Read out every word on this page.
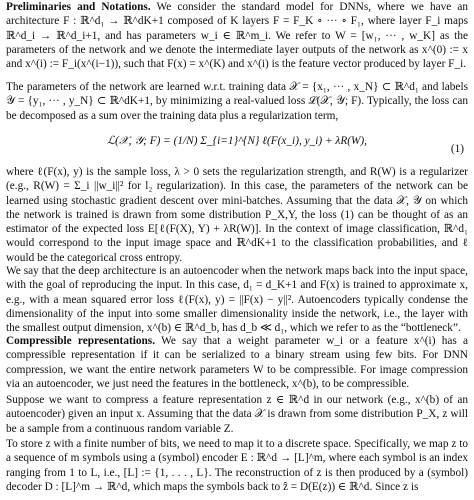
Preliminaries and Notations. We consider the standard model for DNNs, where we have an architecture F : ℝ^d₁ → ℝ^dK+1 composed of K layers F = F_K ∘ ··· ∘ F₁, where layer F_i maps ℝ^d_i → ℝ^d_i+1, and has parameters w_i ∈ ℝ^m_i. We refer to W = [w₁, ··· , w_K] as the parameters of the network and we denote the intermediate layer outputs of the network as x^(0) := x and x^(i) := F_i(x^(i−1)), such that F(x) = x^(K) and x^(i) is the feature vector produced by layer F_i.

The parameters of the network are learned w.r.t. training data 𝒳 = {x₁, ··· , x_N} ⊂ ℝ^d₁ and labels 𝒴 = {y₁, ··· , y_N} ⊂ ℝ^dK+1, by minimizing a real-valued loss ℒ(𝒳, 𝒴; F). Typically, the loss can be decomposed as a sum over the training data plus a regularization term,

ℒ(𝒳, 𝒴; F) = (1/N) Σ_{i=1}^{N} ℓ(F(x_i), y_i) + λR(W),
(1)

where ℓ(F(x), y) is the sample loss, λ > 0 sets the regularization strength, and R(W) is a regularizer (e.g., R(W) = Σ_i ||w_i||² for l₂ regularization). In this case, the parameters of the network can be learned using stochastic gradient descent over mini-batches. Assuming that the data 𝒳, 𝒴 on which the network is trained is drawn from some distribution P_X,Y, the loss (1) can be thought of as an estimator of the expected loss E[ℓ(F(X), Y) + λR(W)]. In the context of image classification, ℝ^d₁ would correspond to the input image space and ℝ^dK+1 to the classification probabilities, and ℓ would be the categorical cross entropy.

We say that the deep architecture is an autoencoder when the network maps back into the input space, with the goal of reproducing the input. In this case, d₁ = d_K+1 and F(x) is trained to approximate x, e.g., with a mean squared error loss ℓ(F(x), y) = ||F(x) − y||². Autoencoders typically condense the dimensionality of the input into some smaller dimensionality inside the network, i.e., the layer with the smallest output dimension, x^(b) ∈ ℝ^d_b, has d_b ≪ d₁, which we refer to as the “bottleneck”.

Compressible representations. We say that a weight parameter w_i or a feature x^(i) has a compressible representation if it can be serialized to a binary stream using few bits. For DNN compression, we want the entire network parameters W to be compressible. For image compression via an autoencoder, we just need the features in the bottleneck, x^(b), to be compressible.

Suppose we want to compress a feature representation z ∈ ℝ^d in our network (e.g., x^(b) of an autoencoder) given an input x. Assuming that the data 𝒳 is drawn from some distribution P_X, z will be a sample from a continuous random variable Z.

To store z with a finite number of bits, we need to map it to a discrete space. Specifically, we map z to a sequence of m symbols using a (symbol) encoder E : ℝ^d → [L]^m, where each symbol is an index ranging from 1 to L, i.e., [L] := {1, . . . , L}. The reconstruction of z is then produced by a (symbol) decoder D : [L]^m → ℝ^d, which maps the symbols back to ẑ = D(E(z)) ∈ ℝ^d. Since z is
